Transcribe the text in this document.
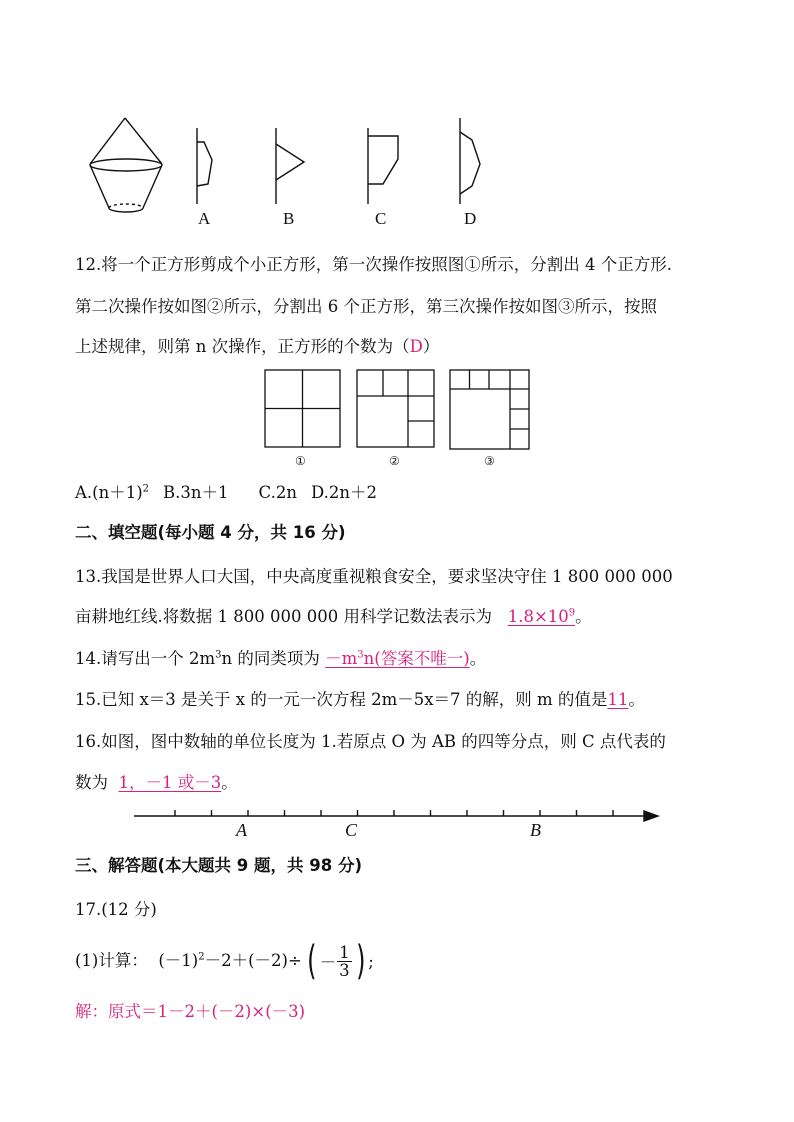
A	B	C	D
12.将一个正方形剪成个小正方形，第一次操作按照图①所示，分割出 4 个正方形.
第二次操作按如图②所示，分割出 6 个正方形，第三次操作按如图③所示，按照
上述规律，则第 n 次操作，正方形的个数为（D）
①	②	③
$A.(n+1)^2$ B.3n＋1 C.2n D.2n＋2
二、填空题(每小题 4 分，共 16 分)
13.我国是世界人口大国，中央高度重视粮食安全，要求坚决守住 1 800 000 000
亩耕地红线.将数据 1 800 000 000 用科学记数法表示为 $1.8\times 10^9$。
14.请写出一个 $2m^3n$ 的同类项为 $-m^3n$(答案不唯一)。
15.已知 x＝3 是关于 x 的一元一次方程 2m－5x＝7 的解，则 m 的值是11。
16.如图，图中数轴的单位长度为 1.若原点 O 为 AB 的四等分点，则 C 点代表的
数为 1，－1 或－3。
A	C	B
三、解答题(本大题共 9 题，共 98 分)
17.(12 分)
(1)计算： $(-1)^2-2+(-2)\div$ ( － $\frac{1}{3}$ ) ;
解：原式＝1－2＋(－2)×(－3)
